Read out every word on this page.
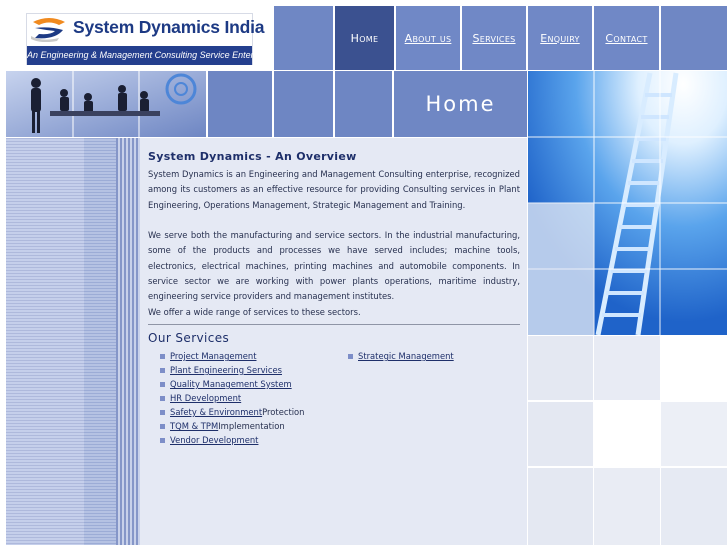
System Dynamics India
An Engineering & Management Consulting Service Enterprise
Home About us Services Enquiry Contact
Home
System Dynamics - An Overview

System Dynamics is an Engineering and Management Consulting enterprise, recognized among its customers as an effective resource for providing Consulting services in Plant Engineering, Operations Management, Strategic Management and Training.

We serve both the manufacturing and service sectors. In the industrial manufacturing, some of the products and processes we have served includes; machine tools, electronics, electrical machines, printing machines and automobile components. In service sector we are working with power plants operations, maritime industry, engineering service providers and management institutes.

We offer a wide range of services to these sectors.

Our Services
Project Management
Plant Engineering Services
Quality Management System
HR Development
Safety & Environment Protection
TQM & TPM Implementation
Vendor Development
Strategic Management
